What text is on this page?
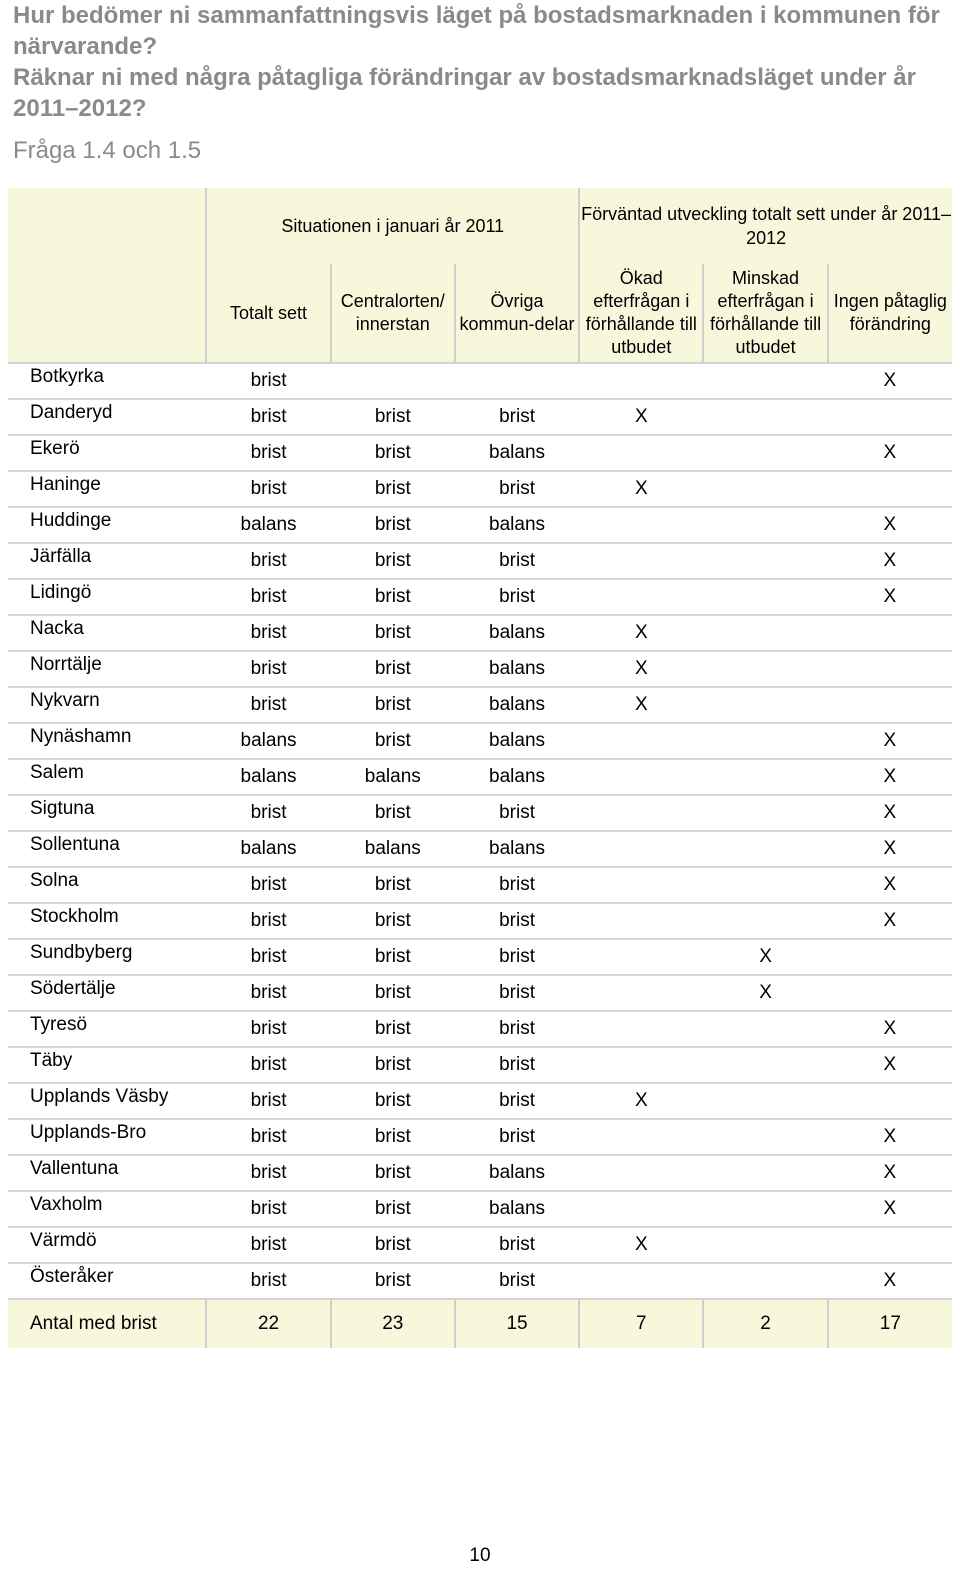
Hur bedömer ni sammanfattningsvis läget på bostadsmarknaden i kommunen för närvarande?
Räknar ni med några påtagliga förändringar av bostadsmarknadsläget under år 2011–2012?
Fråga 1.4 och 1.5
	Situationen i januari år 2011			Förväntad utveckling totalt sett under år 2011–2012		
	Totalt sett	Centralorten/ innerstan	Övriga kommun-delar	Ökad efterfrågan i förhållande till utbudet	Minskad efterfrågan i förhållande till utbudet	Ingen påtaglig förändring
Botkyrka	brist					X
Danderyd	brist	brist	brist	X		
Ekerö	brist	brist	balans			X
Haninge	brist	brist	brist	X		
Huddinge	balans	brist	balans			X
Järfälla	brist	brist	brist			X
Lidingö	brist	brist	brist			X
Nacka	brist	brist	balans	X		
Norrtälje	brist	brist	balans	X		
Nykvarn	brist	brist	balans	X		
Nynäshamn	balans	brist	balans			X
Salem	balans	balans	balans			X
Sigtuna	brist	brist	brist			X
Sollentuna	balans	balans	balans			X
Solna	brist	brist	brist			X
Stockholm	brist	brist	brist			X
Sundbyberg	brist	brist	brist		X	
Södertälje	brist	brist	brist		X	
Tyresö	brist	brist	brist			X
Täby	brist	brist	brist			X
Upplands Väsby	brist	brist	brist	X		
Upplands-Bro	brist	brist	brist			X
Vallentuna	brist	brist	balans			X
Vaxholm	brist	brist	balans			X
Värmdö	brist	brist	brist	X		
Österåker	brist	brist	brist			X
Antal med brist	22	23	15	7	2	17
10
